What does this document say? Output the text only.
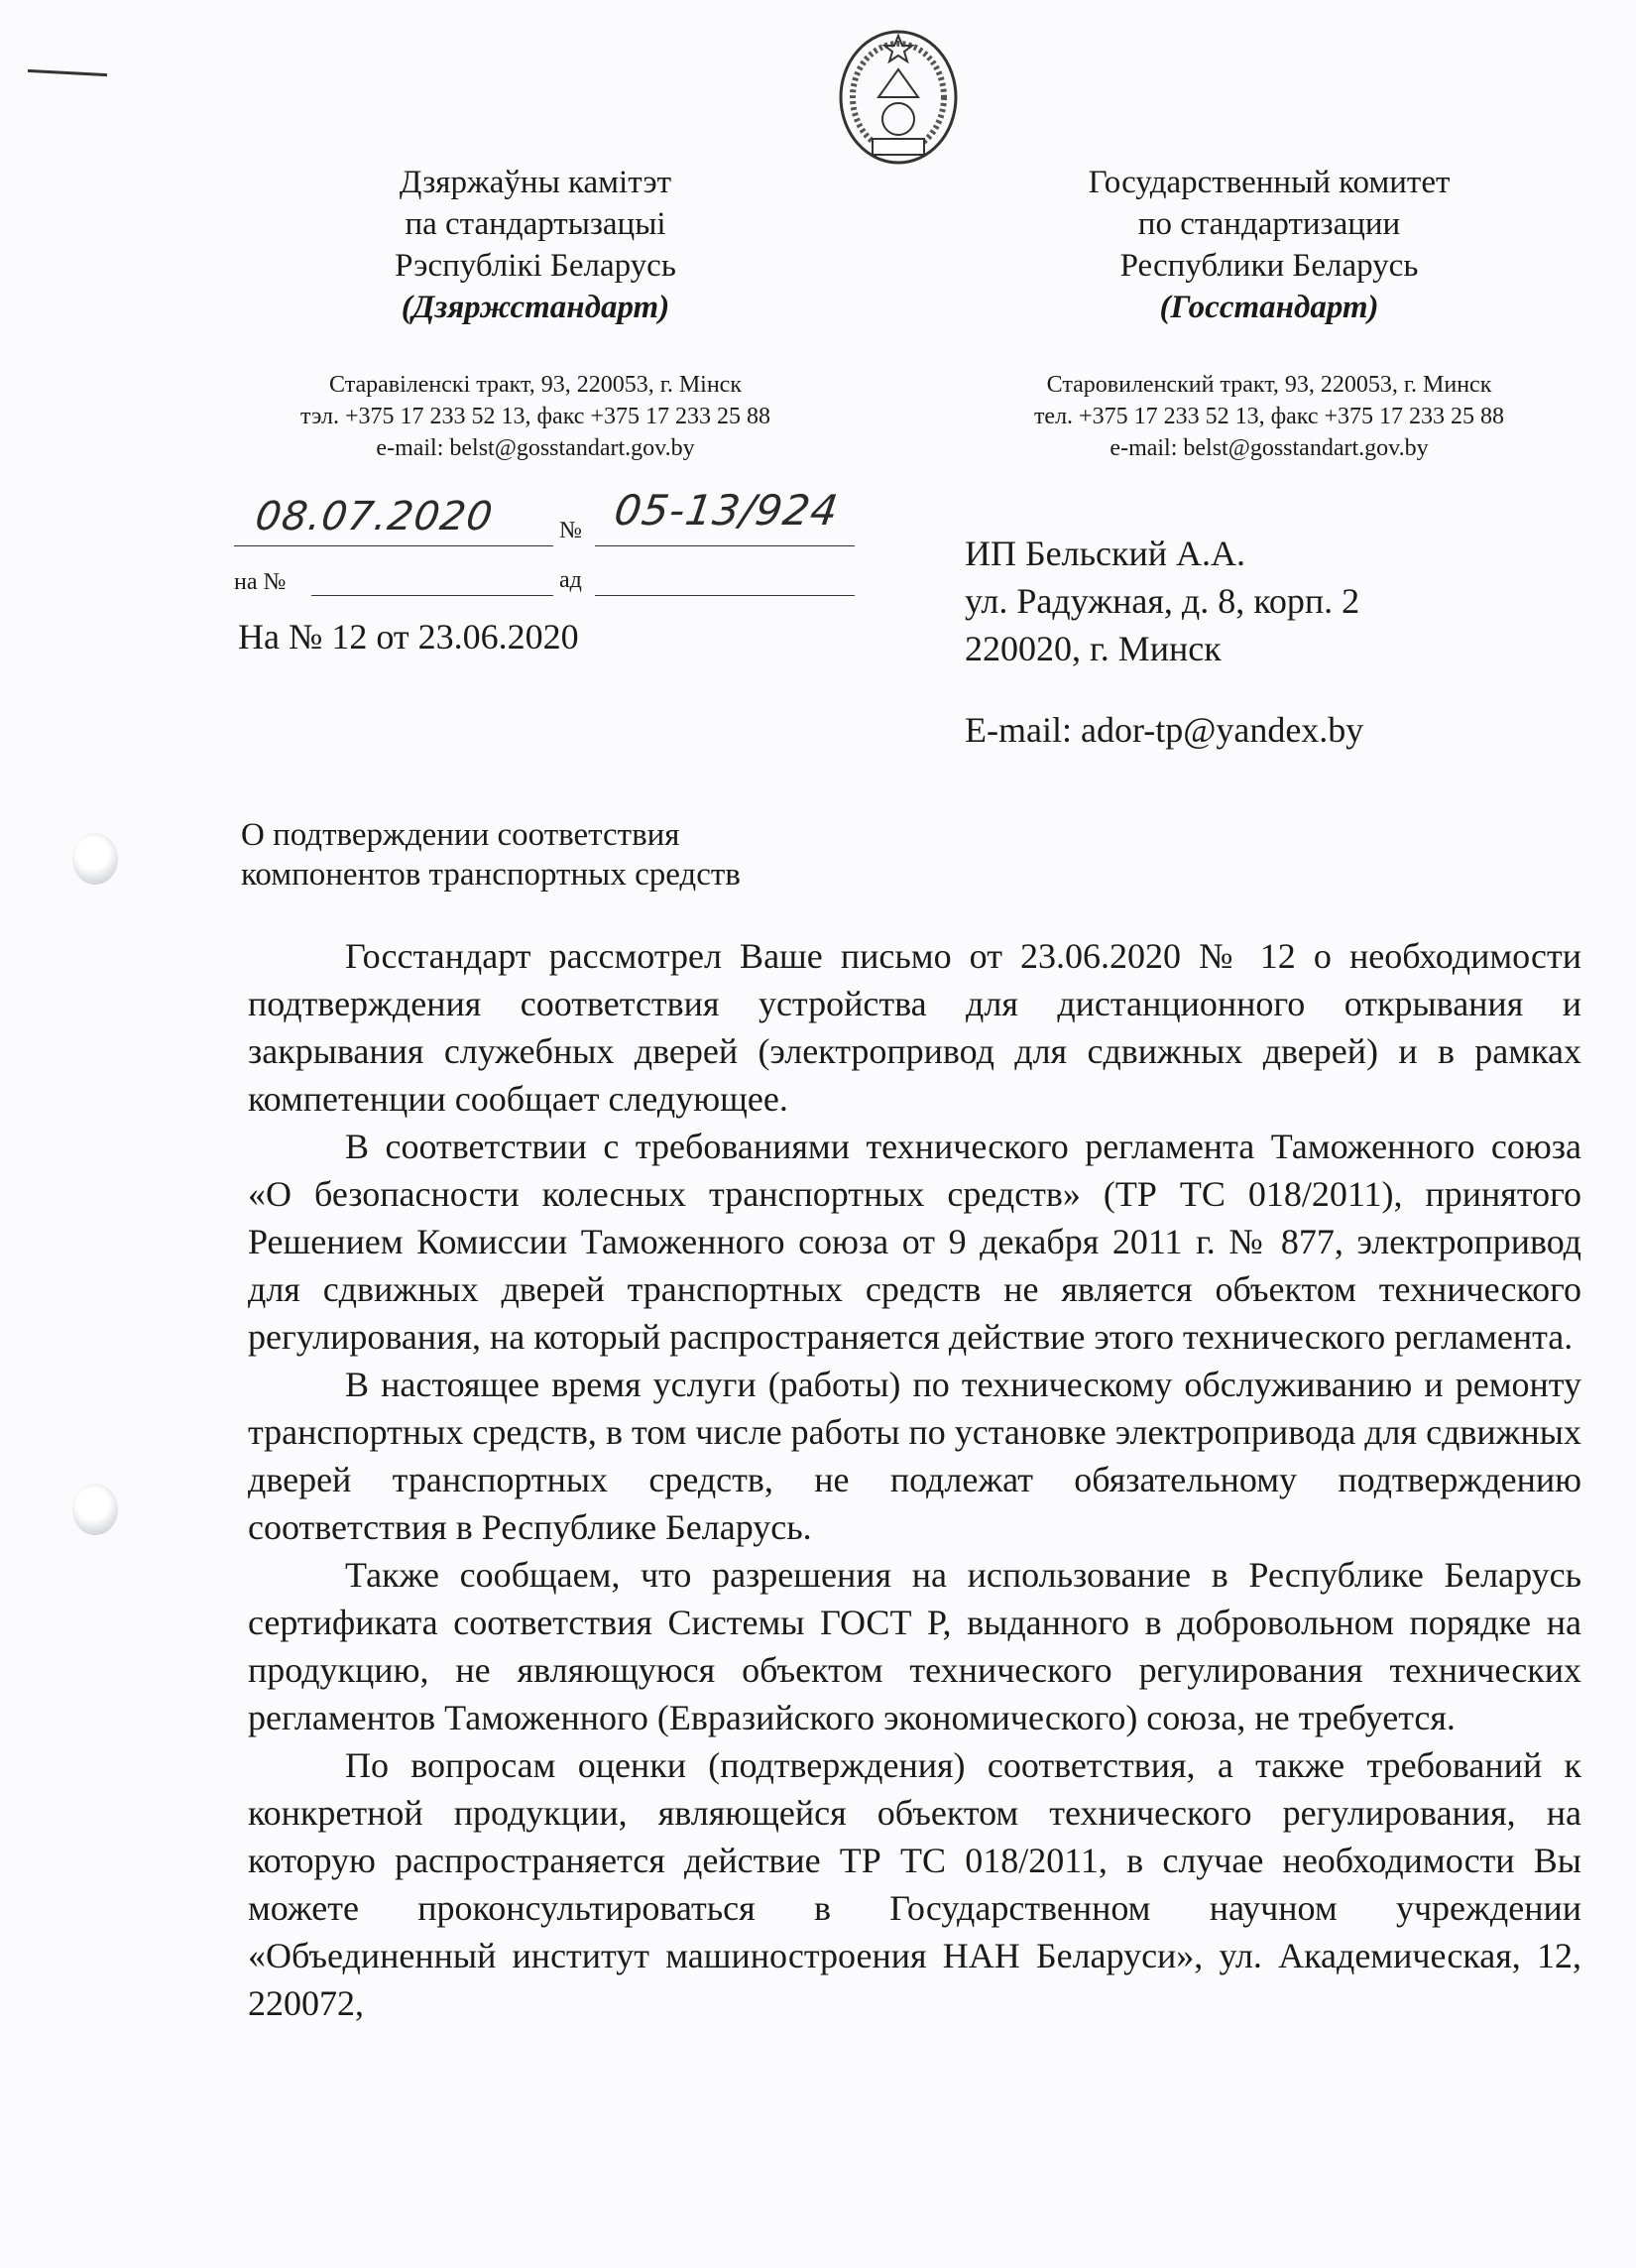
Дзяржаўны камітэт
па стандартызацыі
Рэспублікі Беларусь
(Дзяржстандарт)
Старавіленскі тракт, 93, 220053, г. Мінск
тэл. +375 17 233 52 13, факс +375 17 233 25 88
e-mail: belst@gosstandart.gov.by
Государственный комитет
по стандартизации
Республики Беларусь
(Госстандарт)
Старовиленский тракт, 93, 220053, г. Минск
тел. +375 17 233 52 13, факс +375 17 233 25 88
e-mail: belst@gosstandart.gov.by
08.07.2020	№ 05-13/924
на №	ад
На № 12 от 23.06.2020
ИП Бельский А.А.
ул. Радужная, д. 8, корп. 2
220020, г. Минск
E-mail: ador-tp@yandex.by
О подтверждении соответствия
компонентов транспортных средств

Госстандарт рассмотрел Ваше письмо от 23.06.2020 № 12 о необходимости подтверждения соответствия устройства для дистанционного открывания и закрывания служебных дверей (электропривод для сдвижных дверей) и в рамках компетенции сообщает следующее.

В соответствии с требованиями технического регламента Таможенного союза «О безопасности колесных транспортных средств» (ТР ТС 018/2011), принятого Решением Комиссии Таможенного союза от 9 декабря 2011 г. № 877, электропривод для сдвижных дверей транспортных средств не является объектом технического регулирования, на который распространяется действие этого технического регламента.

В настоящее время услуги (работы) по техническому обслуживанию и ремонту транспортных средств, в том числе работы по установке электропривода для сдвижных дверей транспортных средств, не подлежат обязательному подтверждению соответствия в Республике Беларусь.

Также сообщаем, что разрешения на использование в Республике Беларусь сертификата соответствия Системы ГОСТ Р, выданного в добровольном порядке на продукцию, не являющуюся объектом технического регулирования технических регламентов Таможенного (Евразийского экономического) союза, не требуется.

По вопросам оценки (подтверждения) соответствия, а также требований к конкретной продукции, являющейся объектом технического регулирования, на которую распространяется действие ТР ТС 018/2011, в случае необходимости Вы можете проконсультироваться в Государственном научном учреждении «Объединенный институт машиностроения НАН Беларуси», ул. Академическая, 12, 220072,
